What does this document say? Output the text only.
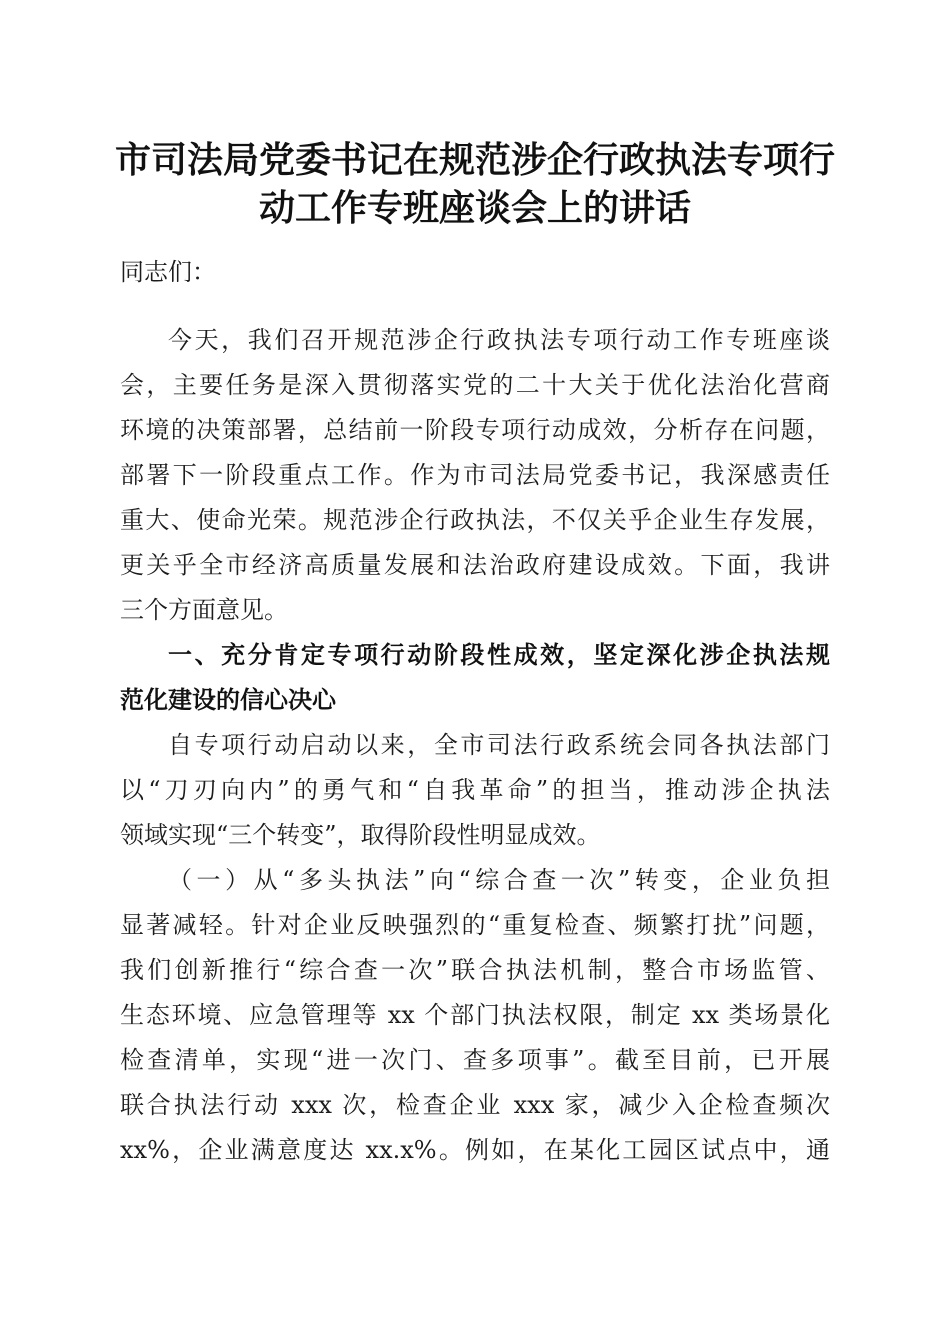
市司法局党委书记在规范涉企行政执法专项行
动工作专班座谈会上的讲话
同志们：
今天，我们召开规范涉企行政执法专项行动工作专班座谈
会，主要任务是深入贯彻落实党的二十大关于优化法治化营商
环境的决策部署，总结前一阶段专项行动成效，分析存在问题，
部署下一阶段重点工作。作为市司法局党委书记，我深感责任
重大、使命光荣。规范涉企行政执法，不仅关乎企业生存发展，
更关乎全市经济高质量发展和法治政府建设成效。下面，我讲
三个方面意见。
一、充分肯定专项行动阶段性成效，坚定深化涉企执法规
范化建设的信心决心
自专项行动启动以来，全市司法行政系统会同各执法部门
以“刀刃向内”的勇气和“自我革命”的担当，推动涉企执法
领域实现“三个转变”，取得阶段性明显成效。
（一）从“多头执法”向“综合查一次”转变，企业负担
显著减轻。针对企业反映强烈的“重复检查、频繁打扰”问题，
我们创新推行“综合查一次”联合执法机制，整合市场监管、
生态环境、应急管理等 xx 个部门执法权限，制定 xx 类场景化
检查清单，实现“进一次门、查多项事”。截至目前，已开展
联合执法行动 xxx 次，检查企业 xxx 家，减少入企检查频次
xx%，企业满意度达 xx.x%。例如，在某化工园区试点中，通
